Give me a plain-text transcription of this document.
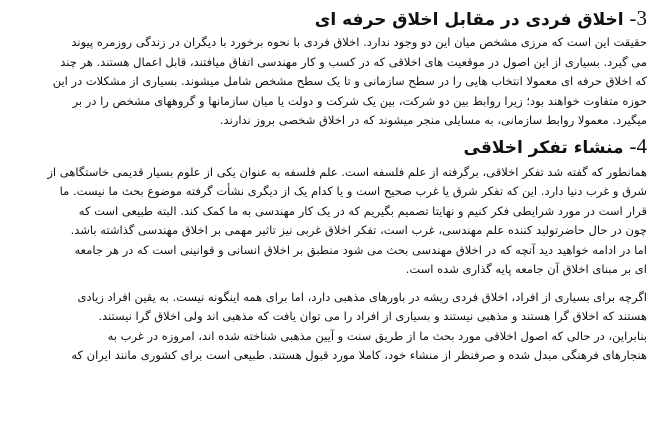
3- اخلاق فردی در مقابل اخلاق حرفه ای
حقیقت این است که مرزی مشخص میان این دو وجود ندارد. اخلاق فردی با نحوه برخورد با دیگران در زندگی روزمره پیوند
می گیرد. بسیاری از این اصول در موقعیت های اخلاقی که در کسب و کار مهندسی اتفاق میافتند، قابل اعمال هستند. هر چند
که اخلاق حرفه ای معمولا انتخاب هایی را در سطح سازمانی و تا یک سطح مشخص شامل میشوند. بسیاری از مشکلات در این
حوزه متفاوت خواهند بود؛ زیرا روابط بین دو شرکت، بین یک شرکت و دولت یا میان سازمانها و گروههای مشخص را در بر
میگیرد. معمولا روابط سازمانی، به مسایلی منجر میشوند که در اخلاق شخصی بروز ندارند.
4- منشاء تفکر اخلاقی
همانطور که گفته شد تفکر اخلاقی، برگرفته از علم فلسفه است. علم فلسفه به عنوان یکی از علوم بسیار قدیمی خاستگاهی از
شرق و غرب دنیا دارد. این که تفکر شرق یا غرب صحیح است و یا کدام یک از دیگری نشأت گرفته موضوع بحث ما نیست. ما
قرار است در مورد شرایطی فکر کنیم و نهایتا تصمیم بگیریم که در یک کار مهندسی به ما کمک کند. البته طبیعی است که
چون در حال حاضرتولید کننده علم مهندسی، غرب است، تفکر اخلاق غربی نیز تاثیر مهمی بر اخلاق مهندسی گذاشته باشد.
اما در ادامه خواهید دید آنچه که در اخلاق مهندسی بحث می شود منطبق بر اخلاق انسانی و قوانینی است که در هر جامعه
ای بر مبنای اخلاق آن جامعه پایه گذاری شده است.
اگرچه برای بسیاری از افراد، اخلاق فردی ریشه در باورهای مذهبی دارد، اما برای همه اینگونه نیست. به یقین افراد زیادی
هستند که اخلاق گرا هستند و مذهبی نیستند و بسیاری از افراد را می توان یافت که مذهبی اند ولی اخلاق گرا نیستند.
بنابراین، در حالی که اصول اخلاقی مورد بحث ما از طریق سنت و آیین مذهبی شناخته شده اند، امروزه در غرب به
هنجارهای فرهنگی مبدل شده و صرفنظر از منشاء خود، کاملا مورد قبول هستند. طبیعی است برای کشوری مانند ایران که
